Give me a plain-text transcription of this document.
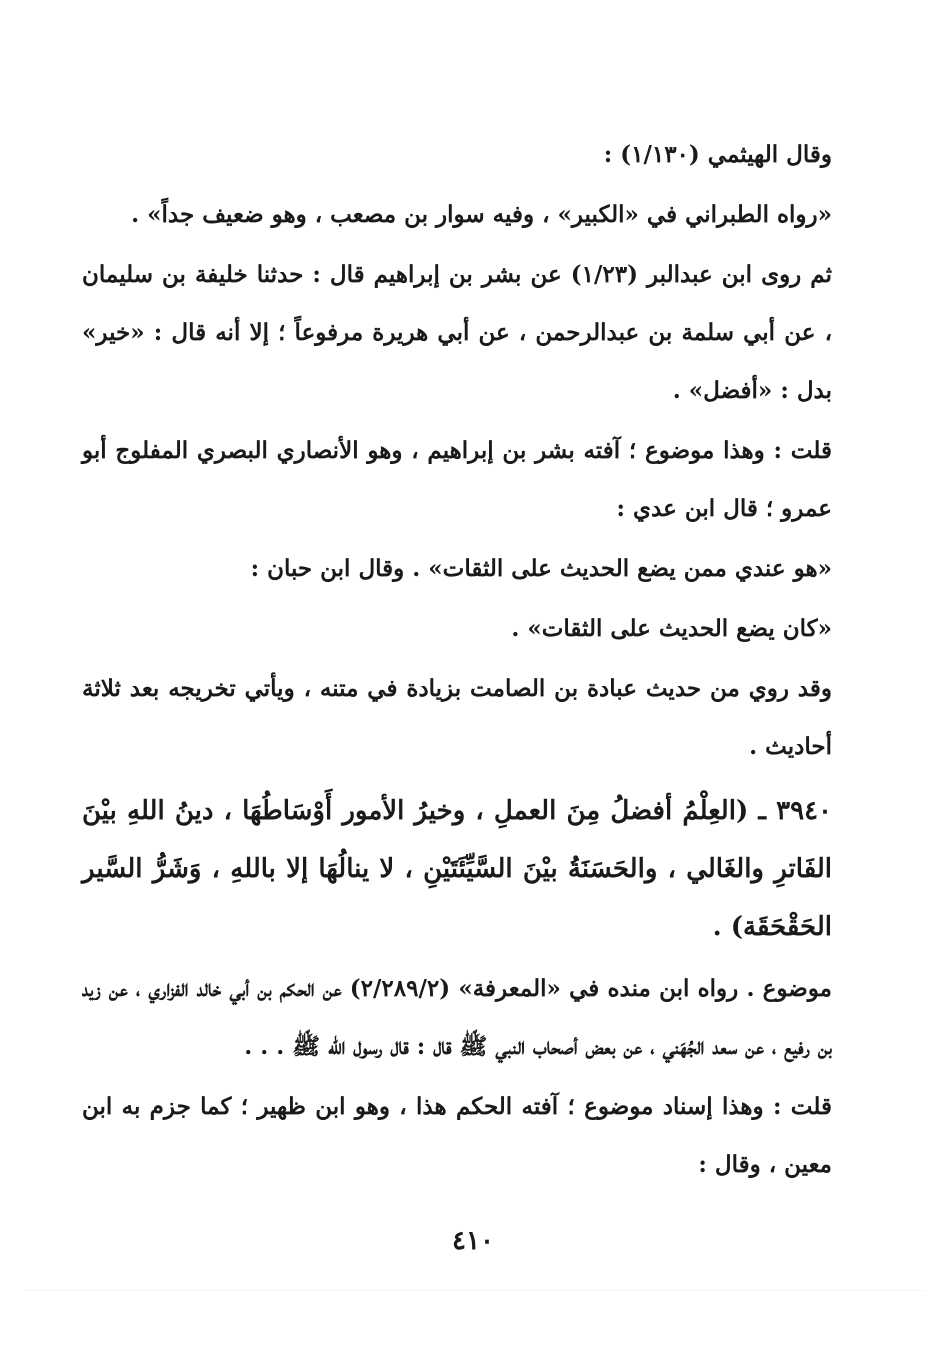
وقال الهيثمي (١/١٣٠) :

«رواه الطبراني في «الكبير» ، وفيه سوار بن مصعب ، وهو ضعيف جداً» .

ثم روى ابن عبدالبر (١/٢٣) عن بشر بن إبراهيم قال : حدثنا خليفة بن سليمان ، عن أبي سلمة بن عبدالرحمن ، عن أبي هريرة مرفوعاً ؛ إلا أنه قال : «خير» بدل : «أفضل» .

قلت : وهذا موضوع ؛ آفته بشر بن إبراهيم ، وهو الأنصاري البصري المفلوج أبو عمرو ؛ قال ابن عدي :

«هو عندي ممن يضع الحديث على الثقات» . وقال ابن حبان :

«كان يضع الحديث على الثقات» .

وقد روي من حديث عبادة بن الصامت بزيادة في متنه ، ويأتي تخريجه بعد ثلاثة أحاديث .

٣٩٤٠ ـ (العِلْمُ أفضلُ مِنَ العملِ ، وخيرُ الأمور أَوْسَاطُهَا ، دينُ اللهِ بيْنَ الفَاترِ والغَالي ، والحَسَنَةُ بيْنَ السَّيِّئَتَيْنِ ، لا ينالُهَا إلا باللهِ ، وَشَرُّ السَّير الحَقْحَقَة) .

موضوع . رواه ابن منده في «المعرفة» (٢/٢٨٩/٢) عن الحكم بن أبي خالد الفزاري ، عن زيد بن رفيع ، عن سعد الجُهَني ، عن بعض أصحاب النبي ﷺ قال : قال رسول الله ﷺ . . .

قلت : وهذا إسناد موضوع ؛ آفته الحكم هذا ، وهو ابن ظهير ؛ كما جزم به ابن معين ، وقال :

٤١٠
